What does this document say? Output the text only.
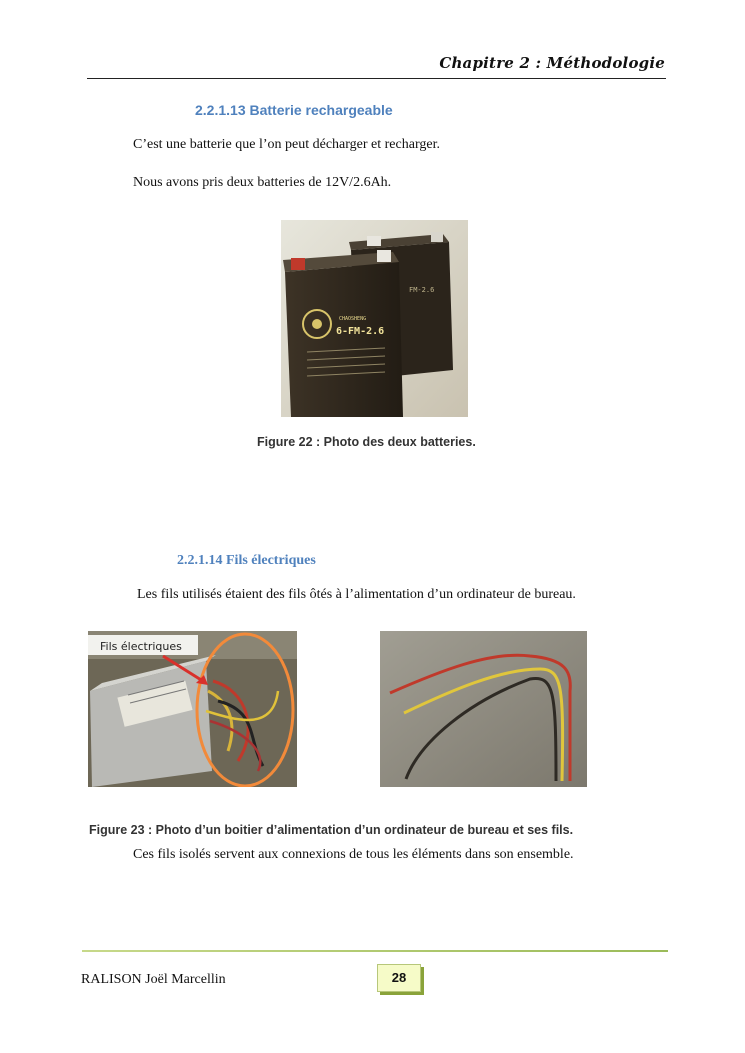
Chapitre 2 : Méthodologie
2.2.1.13 Batterie rechargeable
C’est une batterie que l’on peut décharger et recharger.
Nous avons pris deux batteries de 12V/2.6Ah.
CHAOSHENG
6-FM-2.6
FM-2.6
Figure 22 : Photo des deux batteries.
2.2.1.14 Fils électriques
Les fils utilisés étaient des fils ôtés à l’alimentation d’un ordinateur de bureau.
Fils électriques
Figure 23 : Photo d’un boitier d’alimentation d’un ordinateur de bureau et ses fils.
Ces fils isolés servent aux connexions de tous les éléments dans son ensemble.
RALISON Joël Marcellin	28
